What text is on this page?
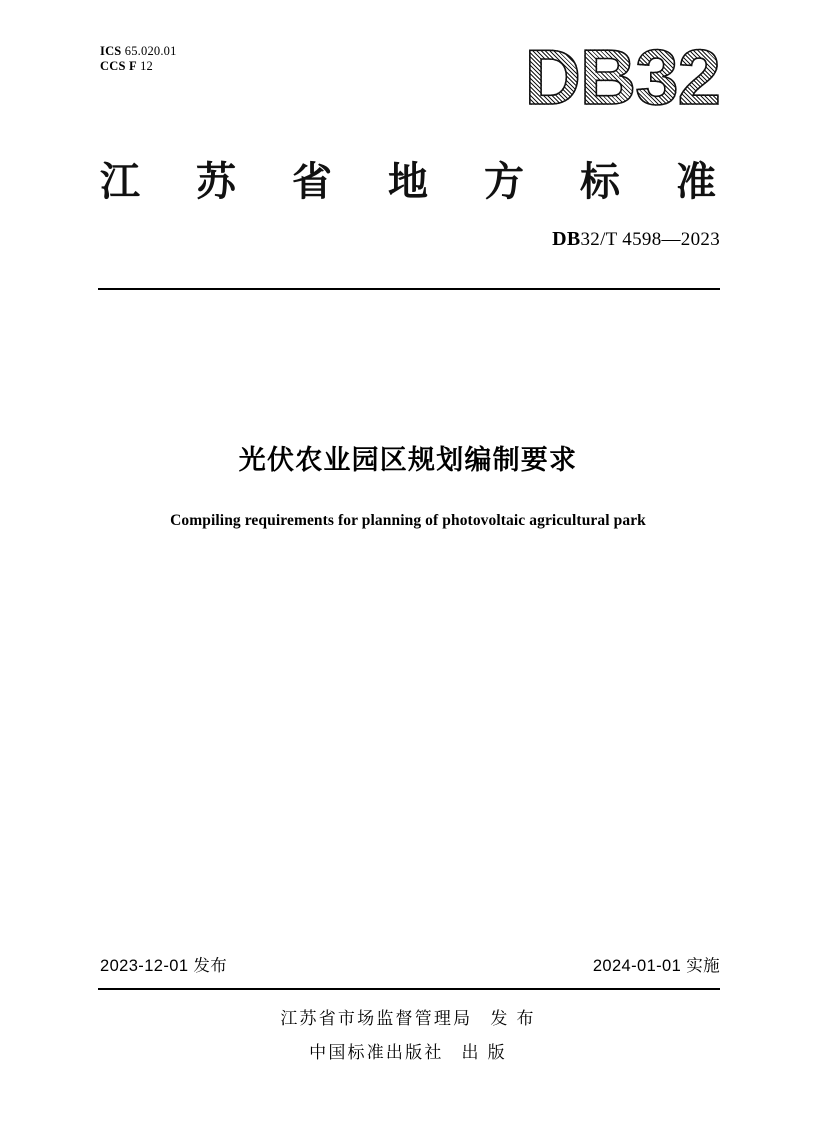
ICS 65.020.01
CCS F 12	DB32
江 苏 省 地 方 标 准
DB32/T 4598—2023
光伏农业园区规划编制要求
Compiling requirements for planning of photovoltaic agricultural park
2023-12-01 发布	2024-01-01 实施
江苏省市场监督管理局 发 布
中国标准出版社 出 版
